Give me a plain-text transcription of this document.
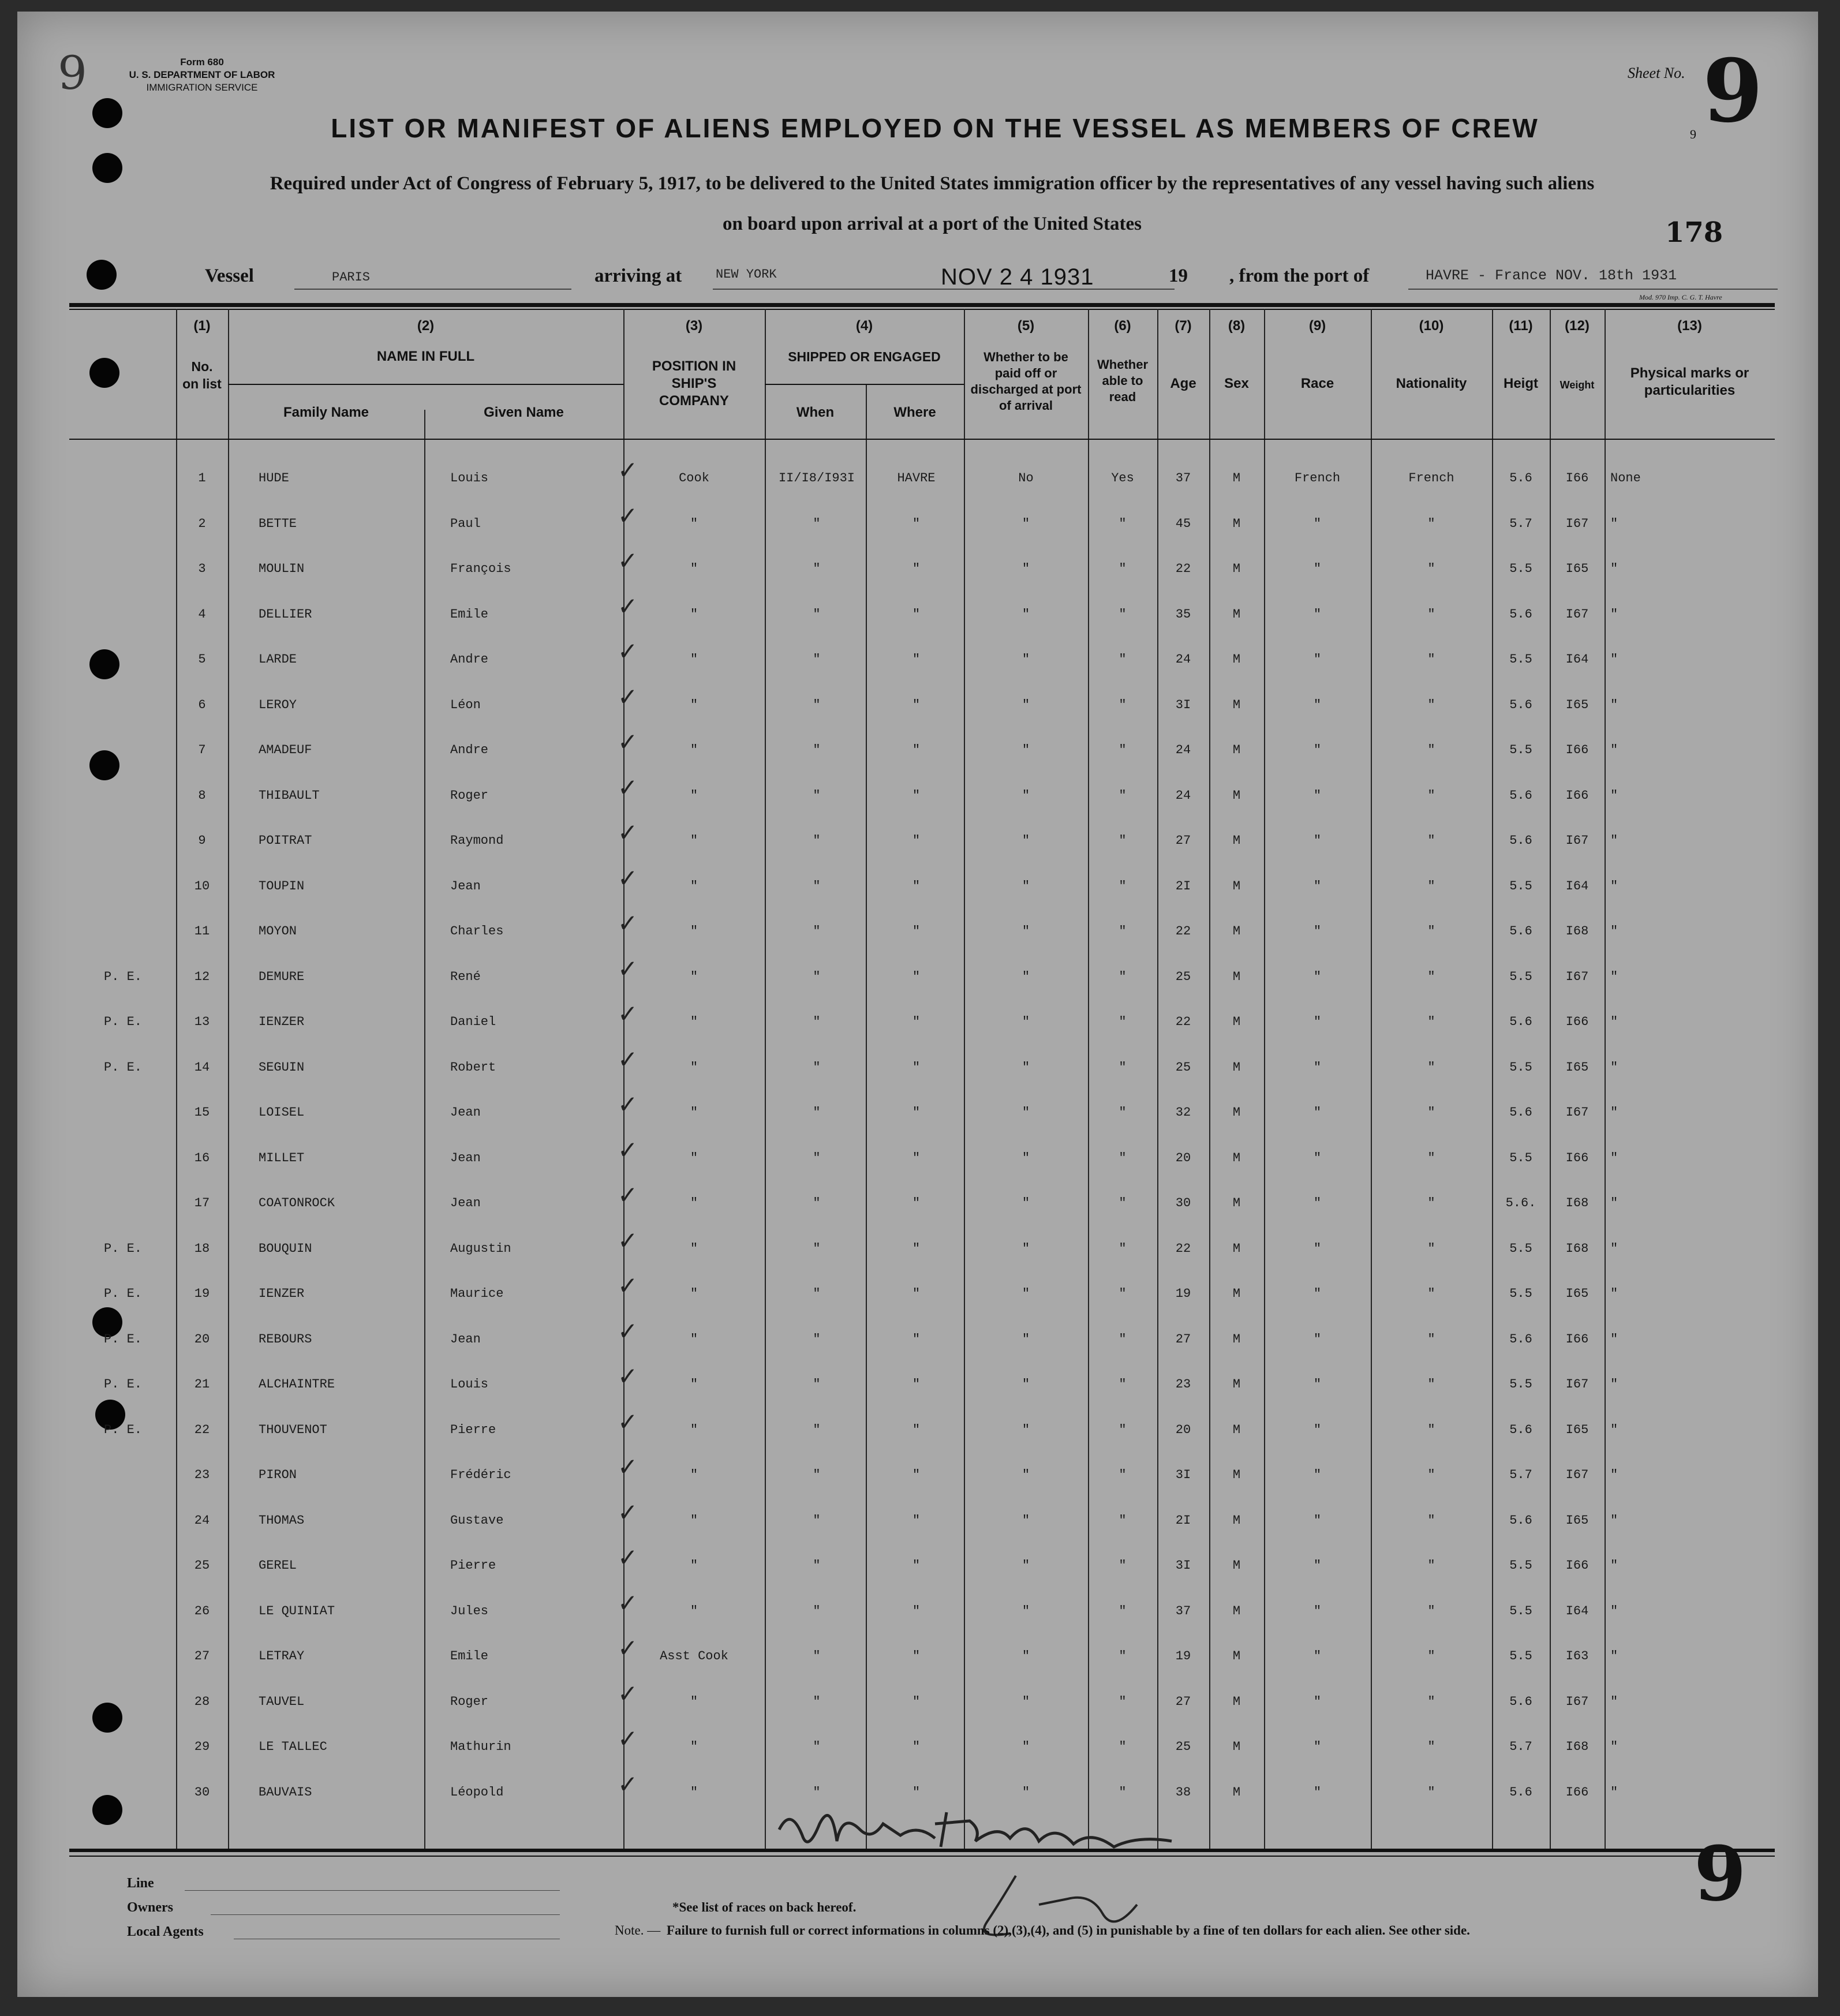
9	Form 680
U. S. DEPARTMENT OF LABOR
IMMIGRATION SERVICE
Sheet No. 9
9
LIST OR MANIFEST OF ALIENS EMPLOYED ON THE VESSEL AS MEMBERS OF CREW
Required under Act of Congress of February 5, 1917, to be delivered to the United States immigration officer by the representatives of any vessel having such aliens
on board upon arrival at a port of the United States	178
Vessel	PARIS	arriving at	NEW YORK	NOV 2 4 1931	19 , from the port of	HAVRE - France NOV. 18th 1931
Mod. 970 Imp. C. G. T. Havre
(1)
No. on list
(2)
NAME IN FULL
Family Name	Given Name
(3)
POSITION IN SHIP'S COMPANY
(4)
SHIPPED OR ENGAGED
When	Where
(5)
Whether to be paid off or discharged at port of arrival
(6)
Whether able to read
(7)
Age
(8)
Sex
(9)
Race
(10)
Nationality
(11)
Heigt
(12)
Weight
(13)
Physical marks or particularities
1	HUDE	Louis	Cook	II/I8/I93I	HAVRE	No	Yes	37	M	French	French	5.6	I66	None
✓
2	BETTE	Paul	"	"	"	"	"	45	M	"	"	5.7	I67	"
✓
3	MOULIN	François	"	"	"	"	"	22	M	"	"	5.5	I65	"
✓
4	DELLIER	Emile	"	"	"	"	"	35	M	"	"	5.6	I67	"
✓
5	LARDE	Andre	"	"	"	"	"	24	M	"	"	5.5	I64	"
✓
6	LEROY	Léon	"	"	"	"	"	3I	M	"	"	5.6	I65	"
✓
7	AMADEUF	Andre	"	"	"	"	"	24	M	"	"	5.5	I66	"
✓
8	THIBAULT	Roger	"	"	"	"	"	24	M	"	"	5.6	I66	"
✓
9	POITRAT	Raymond	"	"	"	"	"	27	M	"	"	5.6	I67	"
✓
10	TOUPIN	Jean	"	"	"	"	"	2I	M	"	"	5.5	I64	"
✓
11	MOYON	Charles	"	"	"	"	"	22	M	"	"	5.6	I68	"
✓
P. E.	12	DEMURE	René	"	"	"	"	"	25	M	"	"	5.5	I67	"
✓
P. E.	13	IENZER	Daniel	"	"	"	"	"	22	M	"	"	5.6	I66	"
✓
P. E.	14	SEGUIN	Robert	"	"	"	"	"	25	M	"	"	5.5	I65	"
✓
15	LOISEL	Jean	"	"	"	"	"	32	M	"	"	5.6	I67	"
✓
16	MILLET	Jean	"	"	"	"	"	20	M	"	"	5.5	I66	"
✓
17	COATONROCK	Jean	"	"	"	"	"	30	M	"	"	5.6.	I68	"
✓
P. E.	18	BOUQUIN	Augustin	"	"	"	"	"	22	M	"	"	5.5	I68	"
✓
P. E.	19	IENZER	Maurice	"	"	"	"	"	19	M	"	"	5.5	I65	"
✓
P. E.	20	REBOURS	Jean	"	"	"	"	"	27	M	"	"	5.6	I66	"
✓
P. E.	21	ALCHAINTRE	Louis	"	"	"	"	"	23	M	"	"	5.5	I67	"
✓
P. E.	22	THOUVENOT	Pierre	"	"	"	"	"	20	M	"	"	5.6	I65	"
✓
23	PIRON	Frédéric	"	"	"	"	"	3I	M	"	"	5.7	I67	"
✓
24	THOMAS	Gustave	"	"	"	"	"	2I	M	"	"	5.6	I65	"
✓
25	GEREL	Pierre	"	"	"	"	"	3I	M	"	"	5.5	I66	"
✓
26	LE QUINIAT	Jules	"	"	"	"	"	37	M	"	"	5.5	I64	"
✓
27	LETRAY	Emile	Asst Cook	"	"	"	"	19	M	"	"	5.5	I63	"
✓
28	TAUVEL	Roger	"	"	"	"	"	27	M	"	"	5.6	I67	"
✓
29	LE TALLEC	Mathurin	"	"	"	"	"	25	M	"	"	5.7	I68	"
✓
30	BAUVAIS	Léopold	"	"	"	"	"	38	M	"	"	5.6	I66	"
✓
Line
Owners
Local Agents
*See list of races on back hereof.
Note. — Failure to furnish full or correct informations in columns (2),(3),(4), and (5) in punishable by a fine of ten dollars for each alien. See other side.
9
